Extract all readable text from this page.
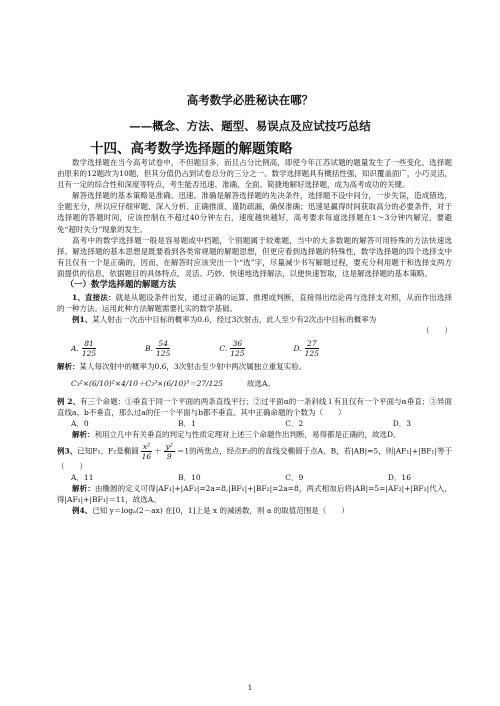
高考数学必胜秘诀在哪？
——概念、方法、题型、易误点及应试技巧总结
十四、高考数学选择题的解题策略

数学选择题在当今高考试卷中，不但题目多，而且占分比例高，即使今年江苏试题的题量发生了一些变化，选择题由原来的12题改为10题，但其分值仍占到试卷总分的三分之一。数学选择题具有概括性强，知识覆盖面广，小巧灵活，且有一定的综合性和深度等特点，考生能否迅速、准确、全面、简捷地解好选择题，成为高考成功的关键。

解答选择题的基本策略是准确、迅速。准确是解答选择题的先决条件，选择题不设中间分，一步失误，造成错选，全题无分，所以应仔细审题、深入分析、正确推演、谨防疏漏，确保准确；迅速是赢得时间获取高分的必要条件，对于选择题的答题时间，应该控制在不超过40分钟左右，速度越快越好，高考要求每道选择题在1～3分钟内解完，要避免“超时失分”现象的发生。

高考中的数学选择题一般是容易题或中档题，个别题属于较难题，当中的大多数题的解答可用特殊的方法快速选择。解选择题的基本思想是既要看到各类常规题的解题思想，但更应看到选择题的特殊性，数学选择题的四个选择支中有且仅有一个是正确的，因而，在解答时应该突出一个“选”字，尽量减少书写解题过程，要充分利用题干和选择支两方面提供的信息，依据题目的具体特点，灵活、巧妙、快速地选择解法，以便快速智取，这是解选择题的基本策略。

（一）数学选择题的解题方法

1、直接法：就是从题设条件出发，通过正确的运算、推理或判断，直接得出结论再与选择支对照，从而作出选择的一种方法。运用此种方法解题需要扎实的数学基础。

例1、某人射击一次击中目标的概率为0.6，经过3次射击，此人至少有2次击中目标的概率为

（　　）
A. $\frac{81}{125}$	B. $\frac{54}{125}$	C. $\frac{36}{125}$	D. $\frac{27}{125}$

解析：某人每次射中的概率为0.6，3次射击至少射中两次属独立重复实验。

C₃²×(6/10)²×4/10＋C₃³×(6/10)³＝27/125	故选A。

例 2、有三个命题：①垂直于同一个平面的两条直线平行；②过平面α的一条斜线 l 有且仅有一个平面与α垂直；③异面直线a、b不垂直，那么过a的任一个平面与b都不垂直。其中正确命题的个数为（　　）

A．0	B．1	C．2	D．3

解析：利用立几中有关垂直的判定与性质定理对上述三个命题作出判断，易得都是正确的，故选D。

例3、已知F₁、F₂是椭圆 $\frac{\text{x²}}{16} + \frac{\text{y²}}{9} =1$的两焦点，经点F₂的的直线交椭圆于点A、B，若|AB|=5，则|AF₁|+|BF₁|等于（　　）

A．11	B．10	C．9	D．16

解析：由椭圆的定义可得|AF₁|+|AF₂|=2a=8,|BF₁|+|BF₂|=2a=8，两式相加后将|AB|=5=|AF₂|+|BF₂|代入，得|AF₁|+|BF₁|＝11，故选A。

例4、已知 y＝logₐ(2－ax) 在[0，1]上是 x 的减函数，则 a 的取值范围是（　　）

1
